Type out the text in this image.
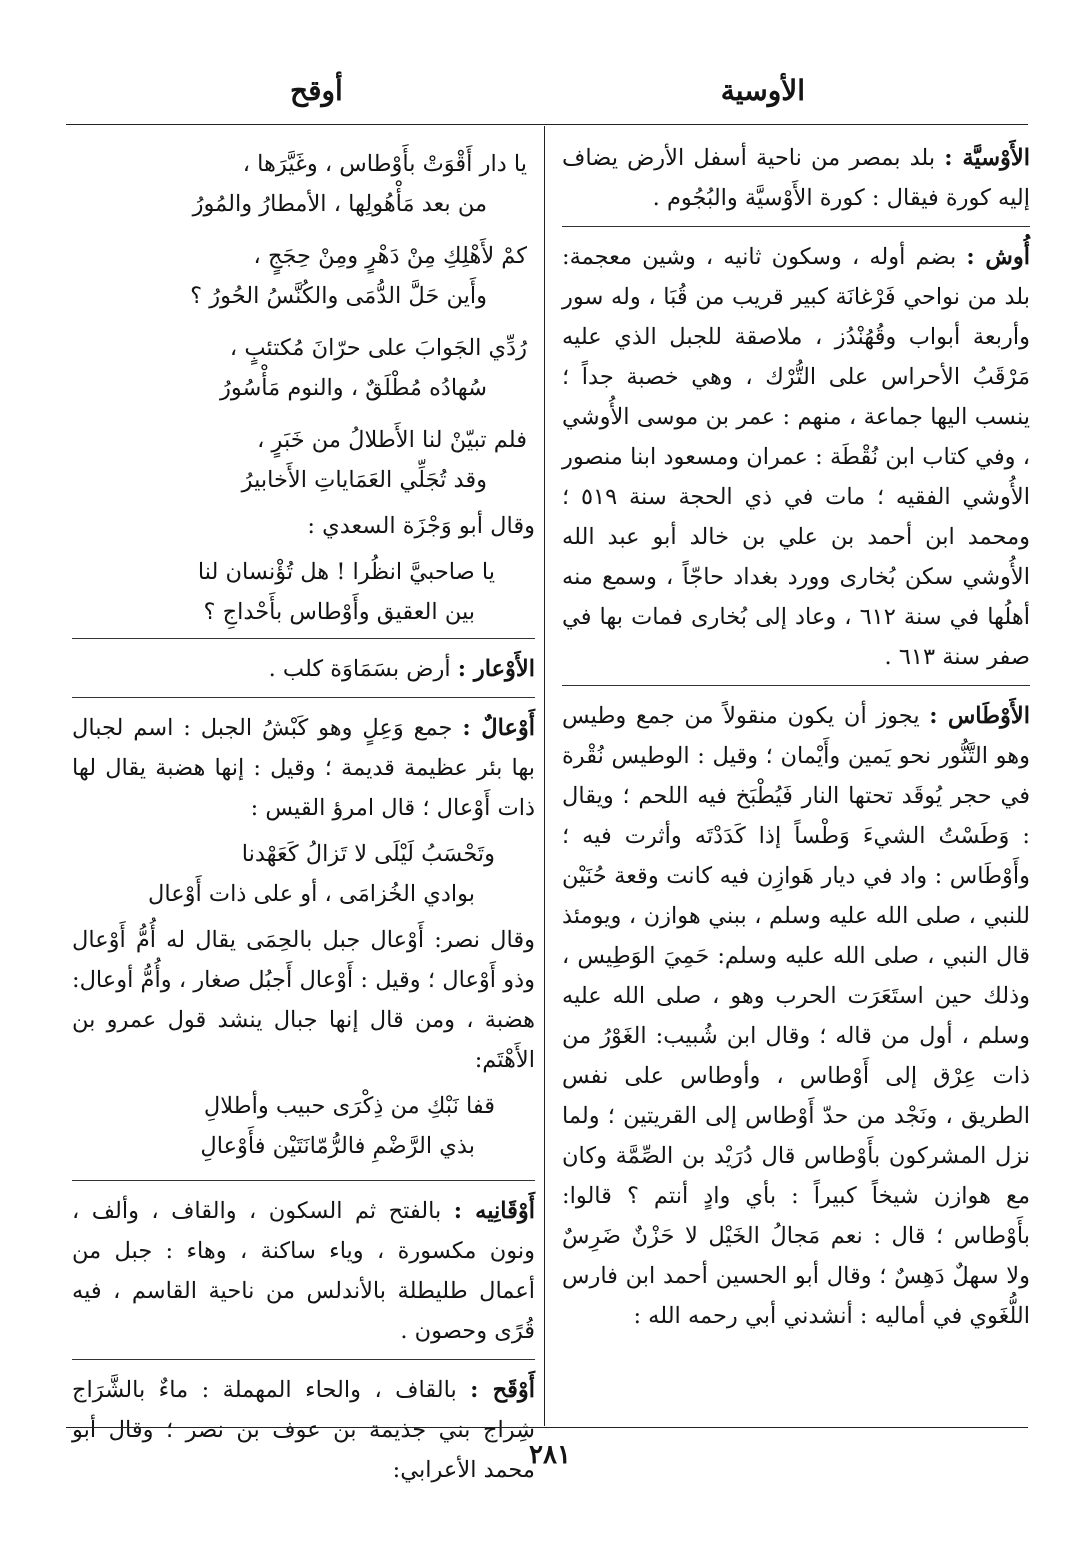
الأوسية
أوقح
الأَوْسيَّة : بلد بمصر من ناحية أسفل الأرض يضاف إليه كورة فيقال : كورة الأَوْسيَّة والبُجُوم .
أُوش : بضم أوله ، وسكون ثانيه ، وشين معجمة: بلد من نواحي فَرْغانَة كبير قريب من قُبَا ، وله سور وأربعة أبواب وقُهُنْدُز ، ملاصقة للجبل الذي عليه مَرْقَبُ الأحراس على التُّرْك ، وهي خصبة جداً ؛ ينسب اليها جماعة ، منهم : عمر بن موسى الأُوشي ، وفي كتاب ابن نُقْطَة : عمران ومسعود ابنا منصور الأُوشي الفقيه ؛ مات في ذي الحجة سنة ٥١٩ ؛ ومحمد ابن أحمد بن علي بن خالد أبو عبد الله الأُوشي سكن بُخارى وورد بغداد حاجّاً ، وسمع منه أهلُها في سنة ٦١٢ ، وعاد إلى بُخارى فمات بها في صفر سنة ٦١٣ .
الأَوْطَاس : يجوز أن يكون منقولاً من جمع وطيس وهو التَّنُّور نحو يَمين وأَيْمان ؛ وقيل : الوطيس نُقْرة في حجر يُوقَد تحتها النار فَيُطْبَخ فيه اللحم ؛ ويقال : وَطَسْتُ الشيءَ وَطْساً إذا كَدَدْتَه وأثرت فيه ؛ وأَوْطَاس : واد في ديار هَوازِن فيه كانت وقعة حُنَيْن للنبي ، صلى الله عليه وسلم ، ببني هوازن ، ويومئذ قال النبي ، صلى الله عليه وسلم: حَمِيَ الوَطِيس ، وذلك حين استَعَرَت الحرب وهو ، صلى الله عليه وسلم ، أول من قاله ؛ وقال ابن شُبيب: الغَوْرُ من ذات عِرْق إلى أَوْطاس ، وأوطاس على نفس الطريق ، ونَجْد من حدّ أَوْطاس إلى القريتين ؛ ولما نزل المشركون بأَوْطاس قال دُرَيْد بن الصِّمَّة وكان مع هوازن شيخاً كبيراً : بأي وادٍ أنتم ؟ قالوا: بأَوْطاس ؛ قال : نعم مَجالُ الخَيْل لا حَزْنٌ ضَرِسٌ ولا سهلٌ دَهِسٌ ؛ وقال أبو الحسين أحمد ابن فارس اللُّغَوي في أماليه : أنشدني أبي رحمه الله :
يا دار أَقْوَتْ بأَوْطاس ، وغَيَّرَها ،
من بعد مَأْهُولِها ، الأمطارُ والمُورُ
كمْ لأَهْلِكِ مِنْ دَهْرٍ ومِنْ حِجَجٍ ،
وأَين حَلَّ الدُّمَى والكُنَّسُ الحُورُ ؟
رُدِّي الجَوابَ على حرّانَ مُكتئبٍ ،
سُهادُه مُطْلَقٌ ، والنوم مَأْسُورُ
فلم تبيّنْ لنا الأَطلالُ من خَبَرٍ ،
وقد تُجَلِّي العَمَاياتِ الأَخابيرُ
وقال أبو وَجْزَة السعدي :
يا صاحبيَّ انظُرا ! هل تُؤْنسان لنا
بين العقيق وأَوْطاس بأَحْداجِ ؟
الأَوْعار : أرض بسَمَاوَة كلب .
أَوْعالٌ : جمع وَعِلٍ وهو كَبْشُ الجبل : اسم لجبال بها بئر عظيمة قديمة ؛ وقيل : إنها هضبة يقال لها ذات أَوْعال ؛ قال امرؤ القيس :
وتَحْسَبُ لَيْلَى لا تَزالُ كَعَهْدنا
بوادي الخُزامَى ، أو على ذات أَوْعال
وقال نصر: أَوْعال جبل بالحِمَى يقال له أُمُّ أَوْعال وذو أَوْعال ؛ وقيل : أَوْعال أَجبُل صغار ، وأُمُّ أوعال: هضبة ، ومن قال إنها جبال ينشد قول عمرو بن الأَهْتَم:
قفا نَبْكِ من ذِكْرَى حبيب وأطلالِ
بذي الرَّضْمِ فالرُّمّانَتَيْن فأَوْعالِ
أَوْقَانِيه : بالفتح ثم السكون ، والقاف ، وألف ، ونون مكسورة ، وياء ساكنة ، وهاء : جبل من أعمال طليطلة بالأندلس من ناحية القاسم ، فيه قُرًى وحصون .
أَوْقَح : بالقاف ، والحاء المهملة : ماءٌ بالشَّرَاج شِراج بني جذيمة بن عوف بن نصر ؛ وقال أبو محمد الأعرابي:
٢٨١
